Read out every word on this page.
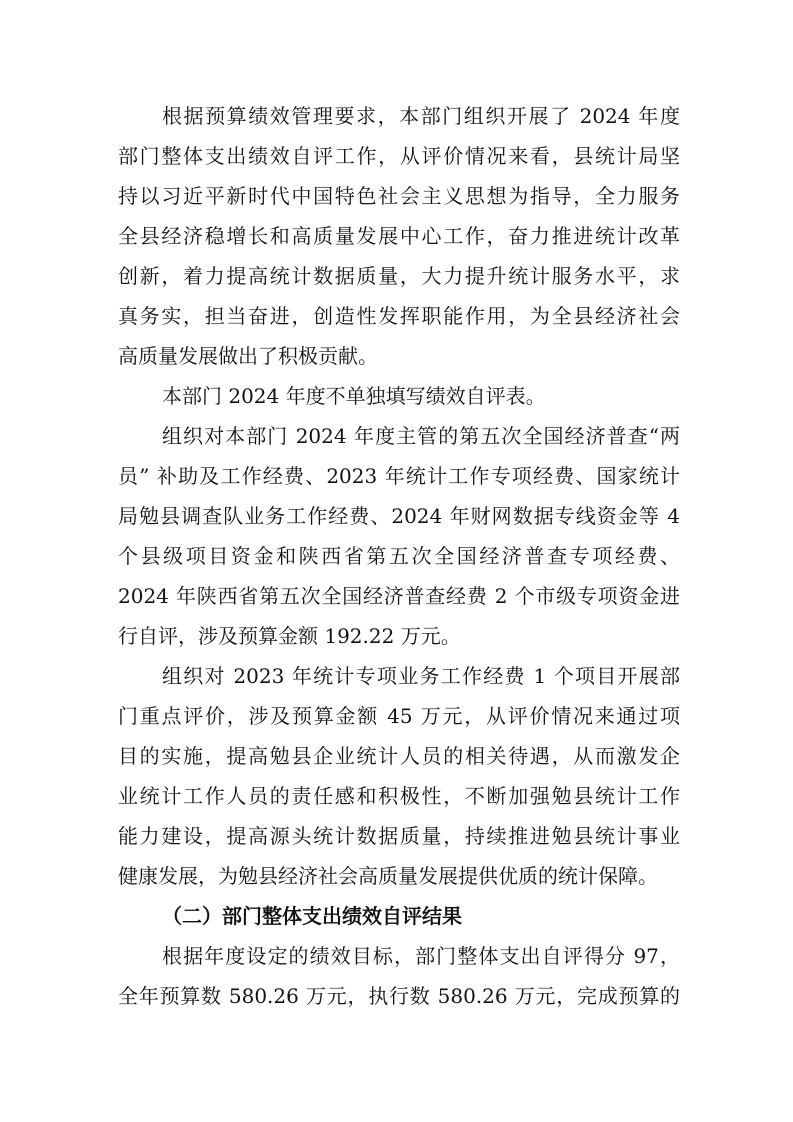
根据预算绩效管理要求，本部门组织开展了 2024 年度
部门整体支出绩效自评工作，从评价情况来看，县统计局坚
持以习近平新时代中国特色社会主义思想为指导，全力服务
全县经济稳增长和高质量发展中心工作，奋力推进统计改革
创新，着力提高统计数据质量，大力提升统计服务水平，求
真务实，担当奋进，创造性发挥职能作用，为全县经济社会
高质量发展做出了积极贡献。
本部门 2024 年度不单独填写绩效自评表。
组织对本部门 2024 年度主管的第五次全国经济普查“两
员” 补助及工作经费、2023 年统计工作专项经费、国家统计
局勉县调查队业务工作经费、2024 年财网数据专线资金等 4
个县级项目资金和陕西省第五次全国经济普查专项经费、
2024 年陕西省第五次全国经济普查经费 2 个市级专项资金进
行自评，涉及预算金额 192.22 万元。
组织对 2023 年统计专项业务工作经费 1 个项目开展部
门重点评价，涉及预算金额 45 万元，从评价情况来通过项
目的实施，提高勉县企业统计人员的相关待遇，从而激发企
业统计工作人员的责任感和积极性，不断加强勉县统计工作
能力建设，提高源头统计数据质量，持续推进勉县统计事业
健康发展，为勉县经济社会高质量发展提供优质的统计保障。
（二）部门整体支出绩效自评结果
根据年度设定的绩效目标，部门整体支出自评得分 97，
全年预算数 580.26 万元，执行数 580.26 万元，完成预算的
